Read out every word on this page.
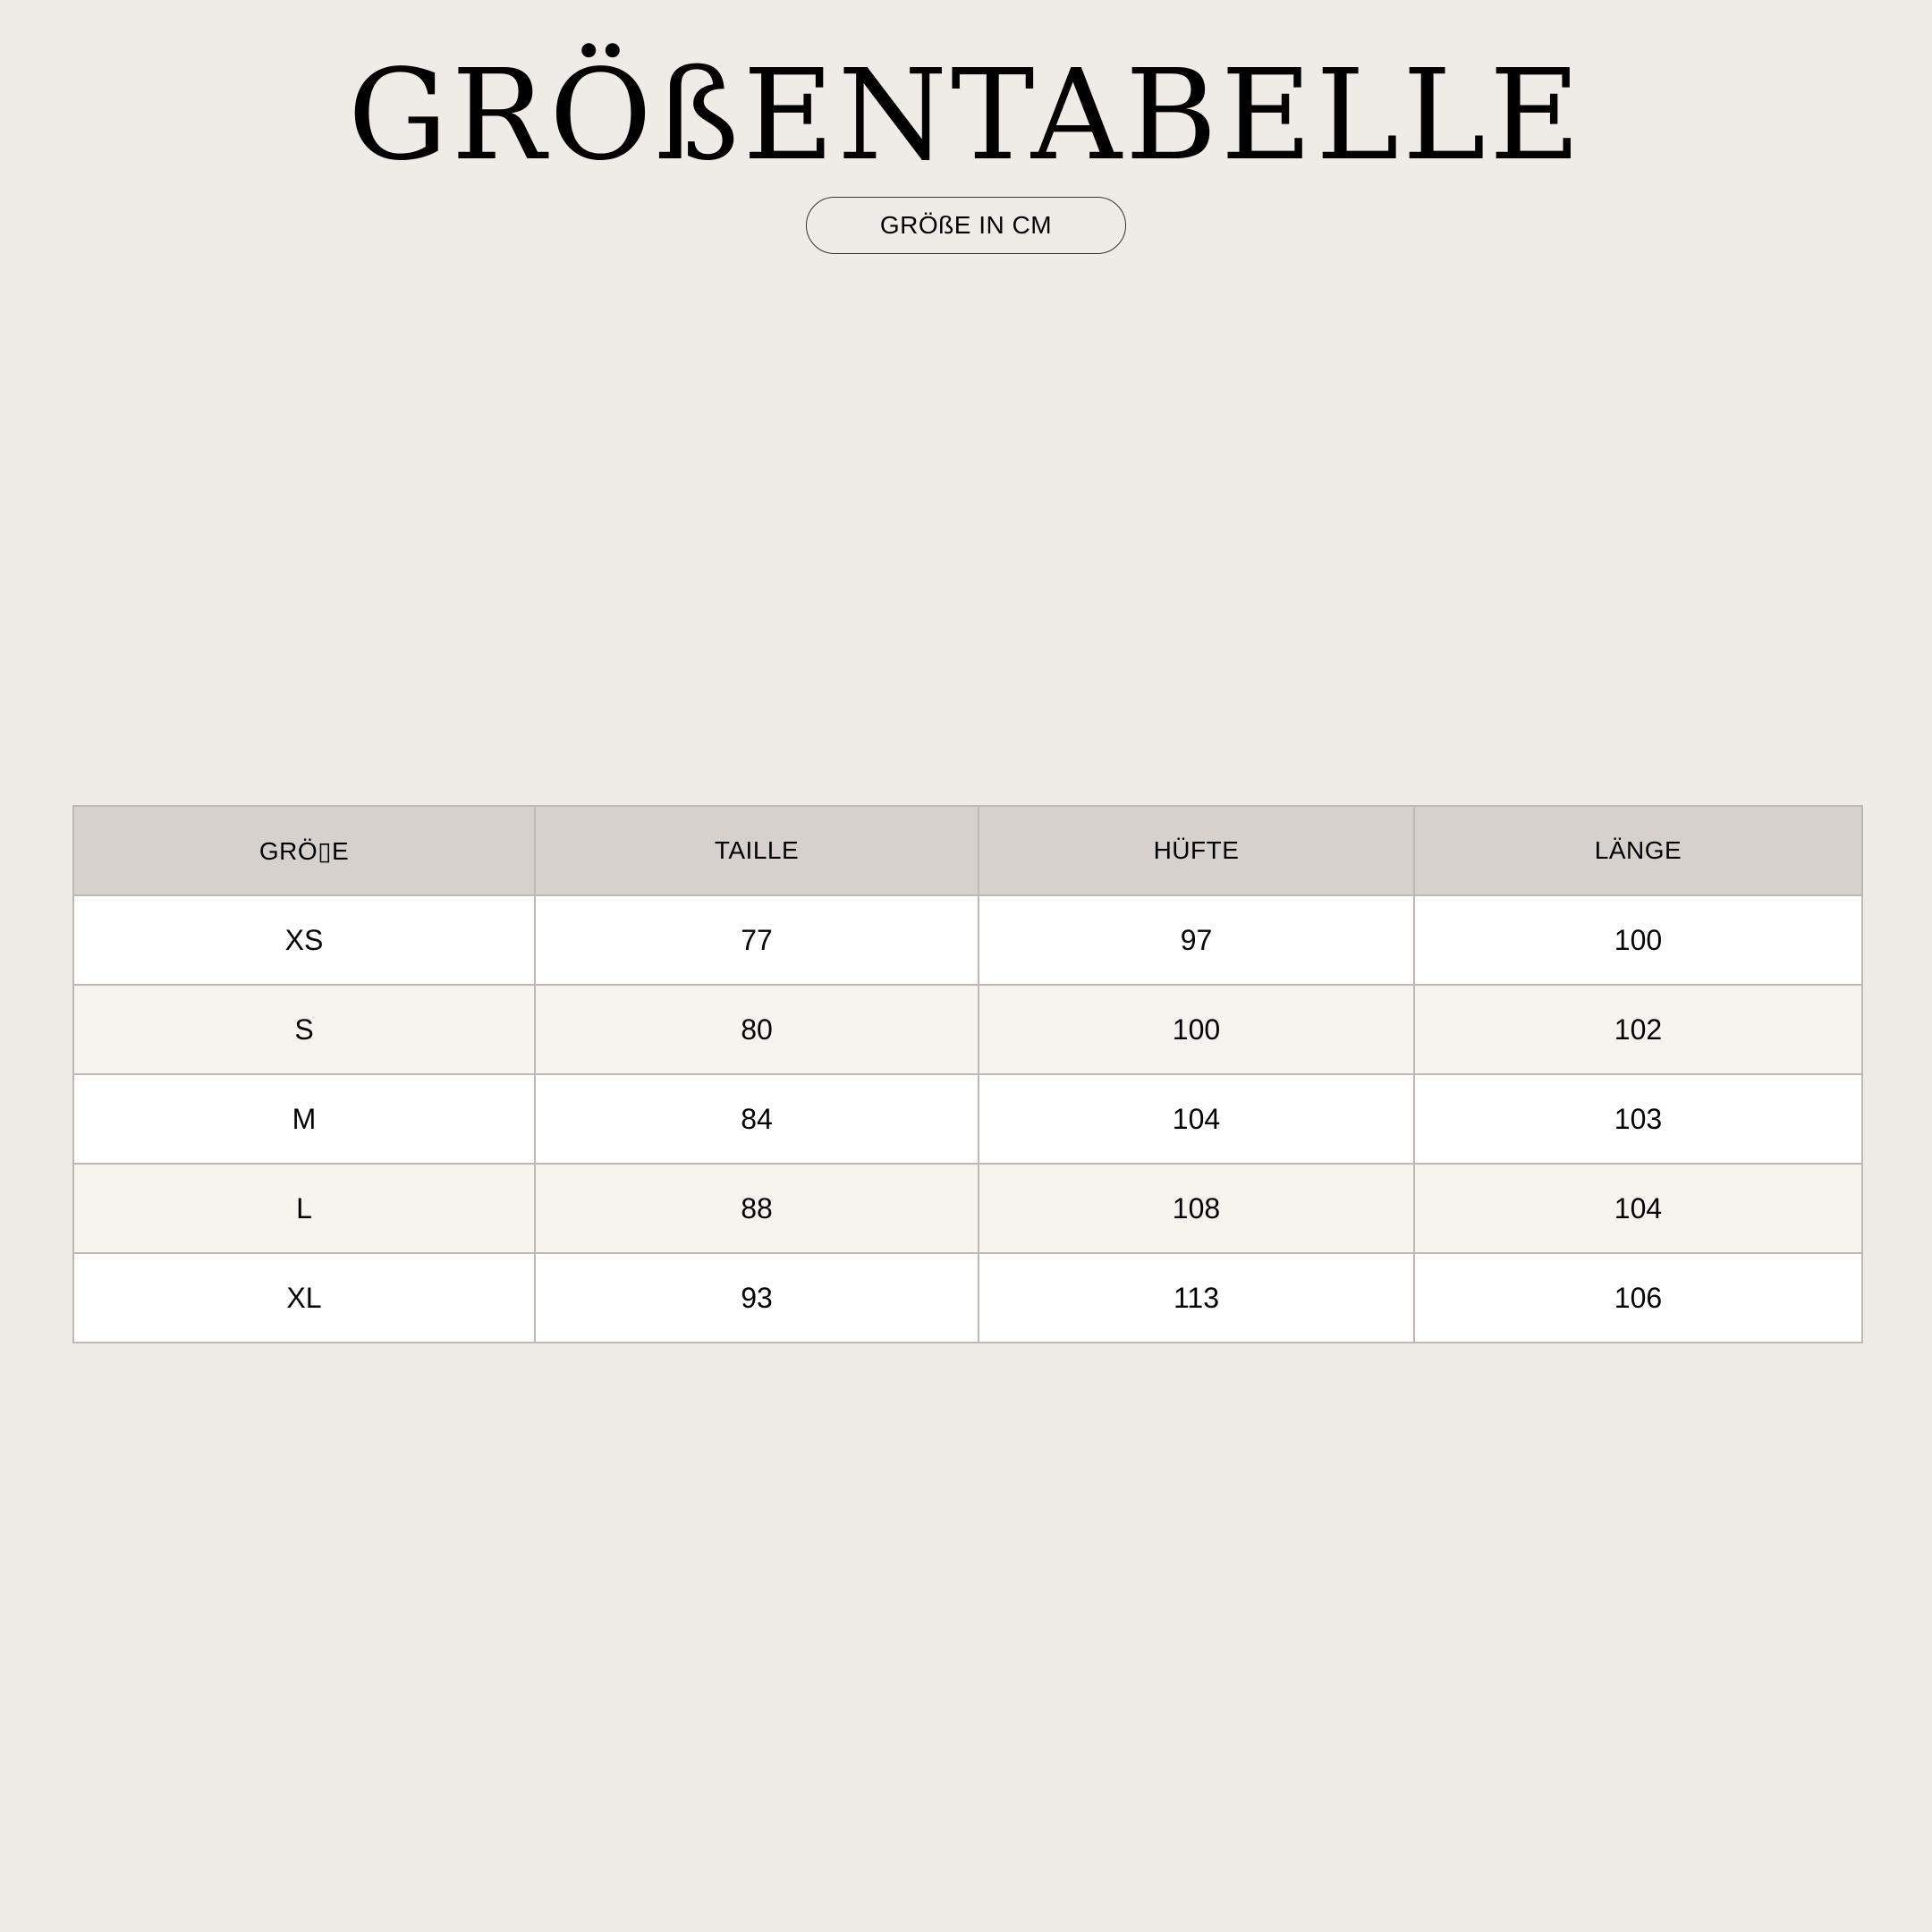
GRÖßENTABELLE
GRÖßE IN CM
GRÖ▯E	TAILLE	HÜFTE	LÄNGE
XS	77	97	100
S	80	100	102
M	84	104	103
L	88	108	104
XL	93	113	106
